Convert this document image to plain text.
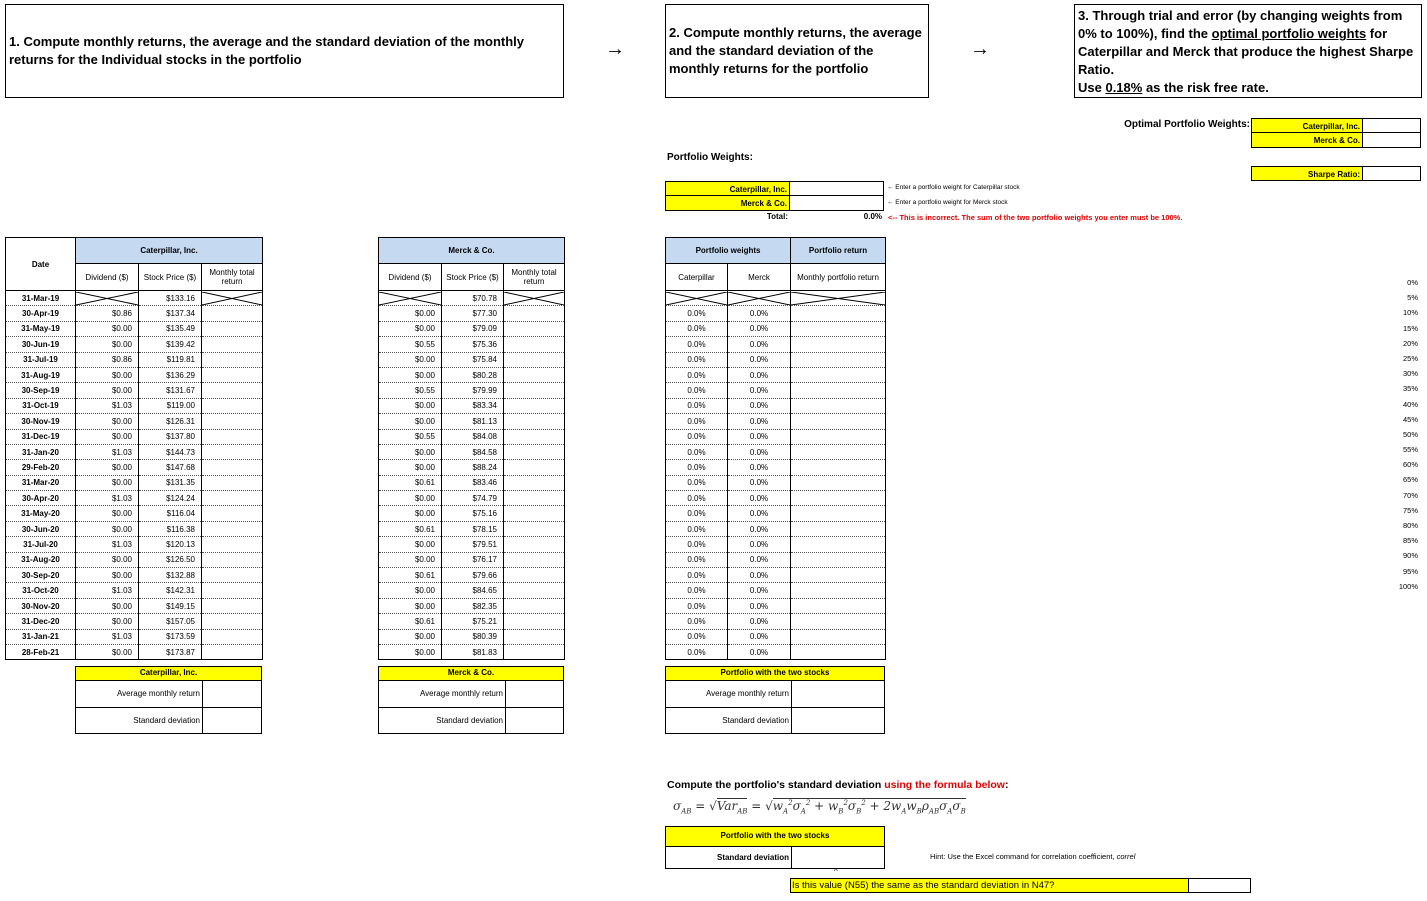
1. Compute monthly returns, the average and the standard deviation of the monthly returns for the Individual stocks in the portfolio	→
2. Compute monthly returns, the average and the standard deviation of the monthly returns for the portfolio
→
3. Through trial and error (by changing weights from 0% to 100%), find the optimal portfolio weights for Caterpillar and Merck that produce the highest Sharpe Ratio.
Use 0.18% as the risk free rate.
Optimal Portfolio Weights:	Caterpillar, Inc.
Merck & Co.
Sharpe Ratio:
Portfolio Weights:
Caterpillar, Inc.
Merck & Co.
Total:	0.0%
← Enter a portfolio weight for Caterpillar stock
← Enter a portfolio weight for Merck stock
<-- This is incorrect. The sum of the two portfolio weights you enter must be 100%.
Date	Caterpillar, Inc.		
	Dividend ($)	Stock Price ($)	Monthly total return
31-Mar-19		$133.16	

30-Apr-19	$0.86	$137.34	
31-May-19	$0.00	$135.49	
30-Jun-19	$0.00	$139.42	
31-Jul-19	$0.86	$119.81	
31-Aug-19	$0.00	$136.29	
30-Sep-19	$0.00	$131.67	
31-Oct-19	$1.03	$119.00	
30-Nov-19	$0.00	$126.31	
31-Dec-19	$0.00	$137.80	
31-Jan-20	$1.03	$144.73	
29-Feb-20	$0.00	$147.68	
31-Mar-20	$0.00	$131.35	
30-Apr-20	$1.03	$124.24	
31-May-20	$0.00	$116.04	
30-Jun-20	$0.00	$116.38	
31-Jul-20	$1.03	$120.13	
31-Aug-20	$0.00	$126.50	
30-Sep-20	$0.00	$132.88	
31-Oct-20	$1.03	$142.31	
30-Nov-20	$0.00	$149.15	
31-Dec-20	$0.00	$157.05	
31-Jan-21	$1.03	$173.59	
28-Feb-21	$0.00	$173.87	
Merck & Co.		
Dividend ($)	Stock Price ($)	Monthly total return

	$70.78	

$0.00	$77.30	
$0.00	$79.09	
$0.55	$75.36	
$0.00	$75.84	
$0.00	$80.28	
$0.55	$79.99	
$0.00	$83.34	
$0.00	$81.13	
$0.55	$84.08	
$0.00	$84.58	
$0.00	$88.24	
$0.61	$83.46	
$0.00	$74.79	
$0.00	$75.16	
$0.61	$78.15	
$0.00	$79.51	
$0.00	$76.17	
$0.61	$79.66	
$0.00	$84.65	
$0.00	$82.35	
$0.61	$75.21	
$0.00	$80.39	
$0.00	$81.83	
Portfolio weights		Portfolio return
Caterpillar	Merck	Monthly portfolio return

0.0%	0.0%	
0.0%	0.0%	
0.0%	0.0%	
0.0%	0.0%	
0.0%	0.0%	
0.0%	0.0%	
0.0%	0.0%	
0.0%	0.0%	
0.0%	0.0%	
0.0%	0.0%	
0.0%	0.0%	
0.0%	0.0%	
0.0%	0.0%	
0.0%	0.0%	
0.0%	0.0%	
0.0%	0.0%	
0.0%	0.0%	
0.0%	0.0%	
0.0%	0.0%	
0.0%	0.0%	
0.0%	0.0%	
0.0%	0.0%	
0.0%	0.0%	
0%
5%
10%
15%
20%
25%
30%
35%
40%
45%
50%
55%
60%
65%
70%
75%
80%
85%
90%
95%
100%
Caterpillar, Inc.
Average monthly return
Standard deviation
Merck & Co.
Average monthly return
Standard deviation
Portfolio with the two stocks
Average monthly return
Standard deviation
Compute the portfolio's standard deviation using the formula below:
$\sigma_{AB} = √Var_{AB} = √w_A^2\sigma_A^2 + w_B^2\sigma_B^2 + 2w_Aw_B\rho_{AB}\sigma_A\sigma_B$
Portfolio with the two stocks
Standard deviation	Hint: Use the Excel command for correlation coefficient, correl
^
Is this value (N55) the same as the standard deviation in N47?
